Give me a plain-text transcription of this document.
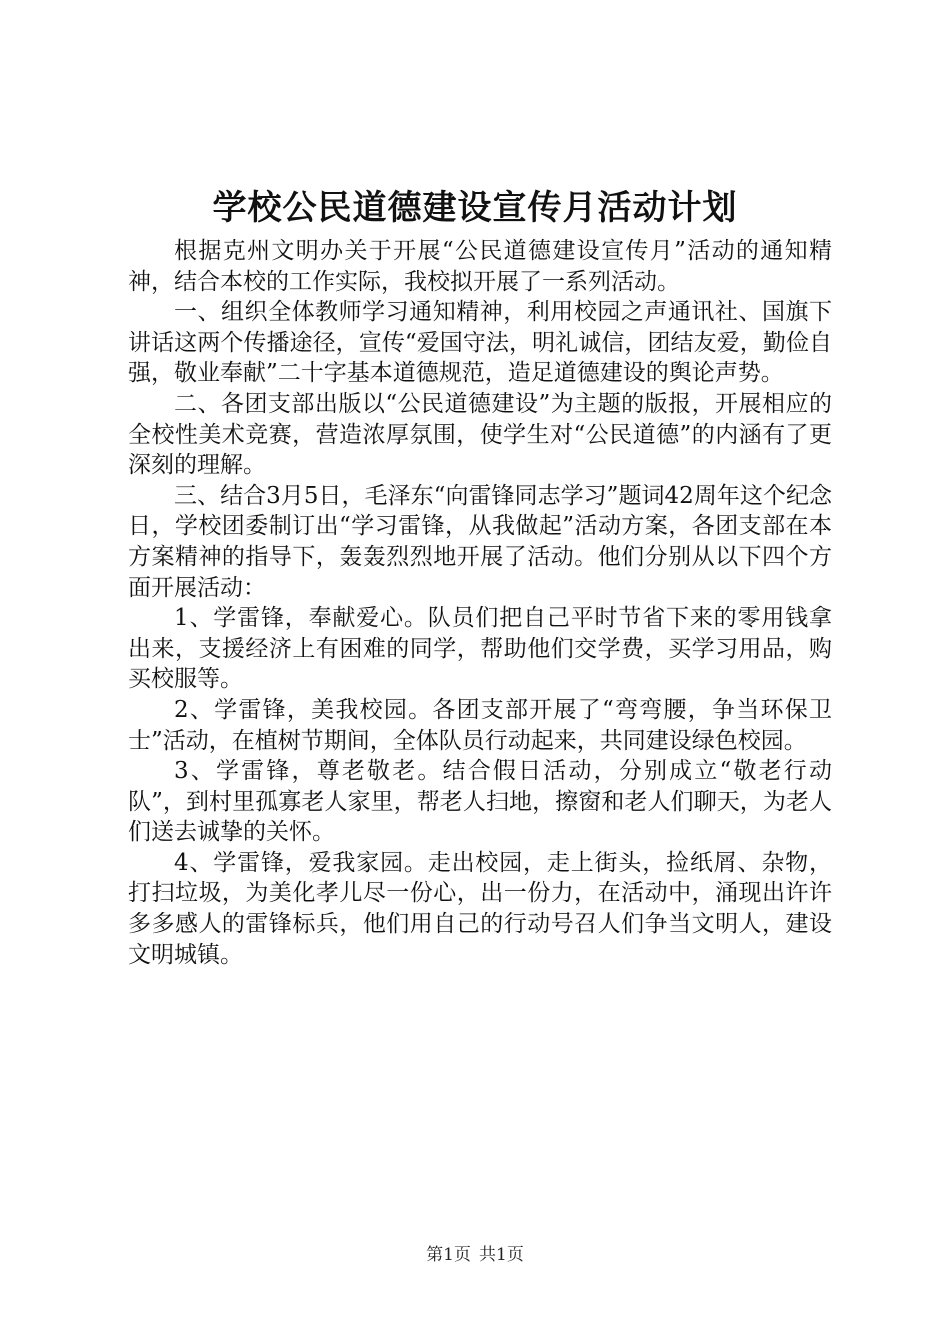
学校公民道德建设宣传月活动计划

根据克州文明办关于开展“公民道德建设宣传月”活动的通知精神，结合本校的工作实际，我校拟开展了一系列活动。

一、组织全体教师学习通知精神，利用校园之声通讯社、国旗下讲话这两个传播途径，宣传“爱国守法，明礼诚信，团结友爱，勤俭自强，敬业奉献”二十字基本道德规范，造足道德建设的舆论声势。

二、各团支部出版以“公民道德建设”为主题的版报，开展相应的全校性美术竞赛，营造浓厚氛围，使学生对“公民道德”的内涵有了更深刻的理解。

三、结合3月5日，毛泽东“向雷锋同志学习”题词42周年这个纪念日，学校团委制订出“学习雷锋，从我做起”活动方案，各团支部在本方案精神的指导下，轰轰烈烈地开展了活动。他们分别从以下四个方面开展活动：

1、学雷锋，奉献爱心。队员们把自己平时节省下来的零用钱拿出来，支援经济上有困难的同学，帮助他们交学费，买学习用品，购买校服等。

2、学雷锋，美我校园。各团支部开展了“弯弯腰，争当环保卫士”活动，在植树节期间，全体队员行动起来，共同建设绿色校园。

3、学雷锋，尊老敬老。结合假日活动，分别成立“敬老行动队”，到村里孤寡老人家里，帮老人扫地，擦窗和老人们聊天，为老人们送去诚挚的关怀。

4、学雷锋，爱我家园。走出校园，走上街头，捡纸屑、杂物，打扫垃圾，为美化孝儿尽一份心，出一份力，在活动中，涌现出许许多多感人的雷锋标兵，他们用自己的行动号召人们争当文明人，建设文明城镇。

第1页 共1页
